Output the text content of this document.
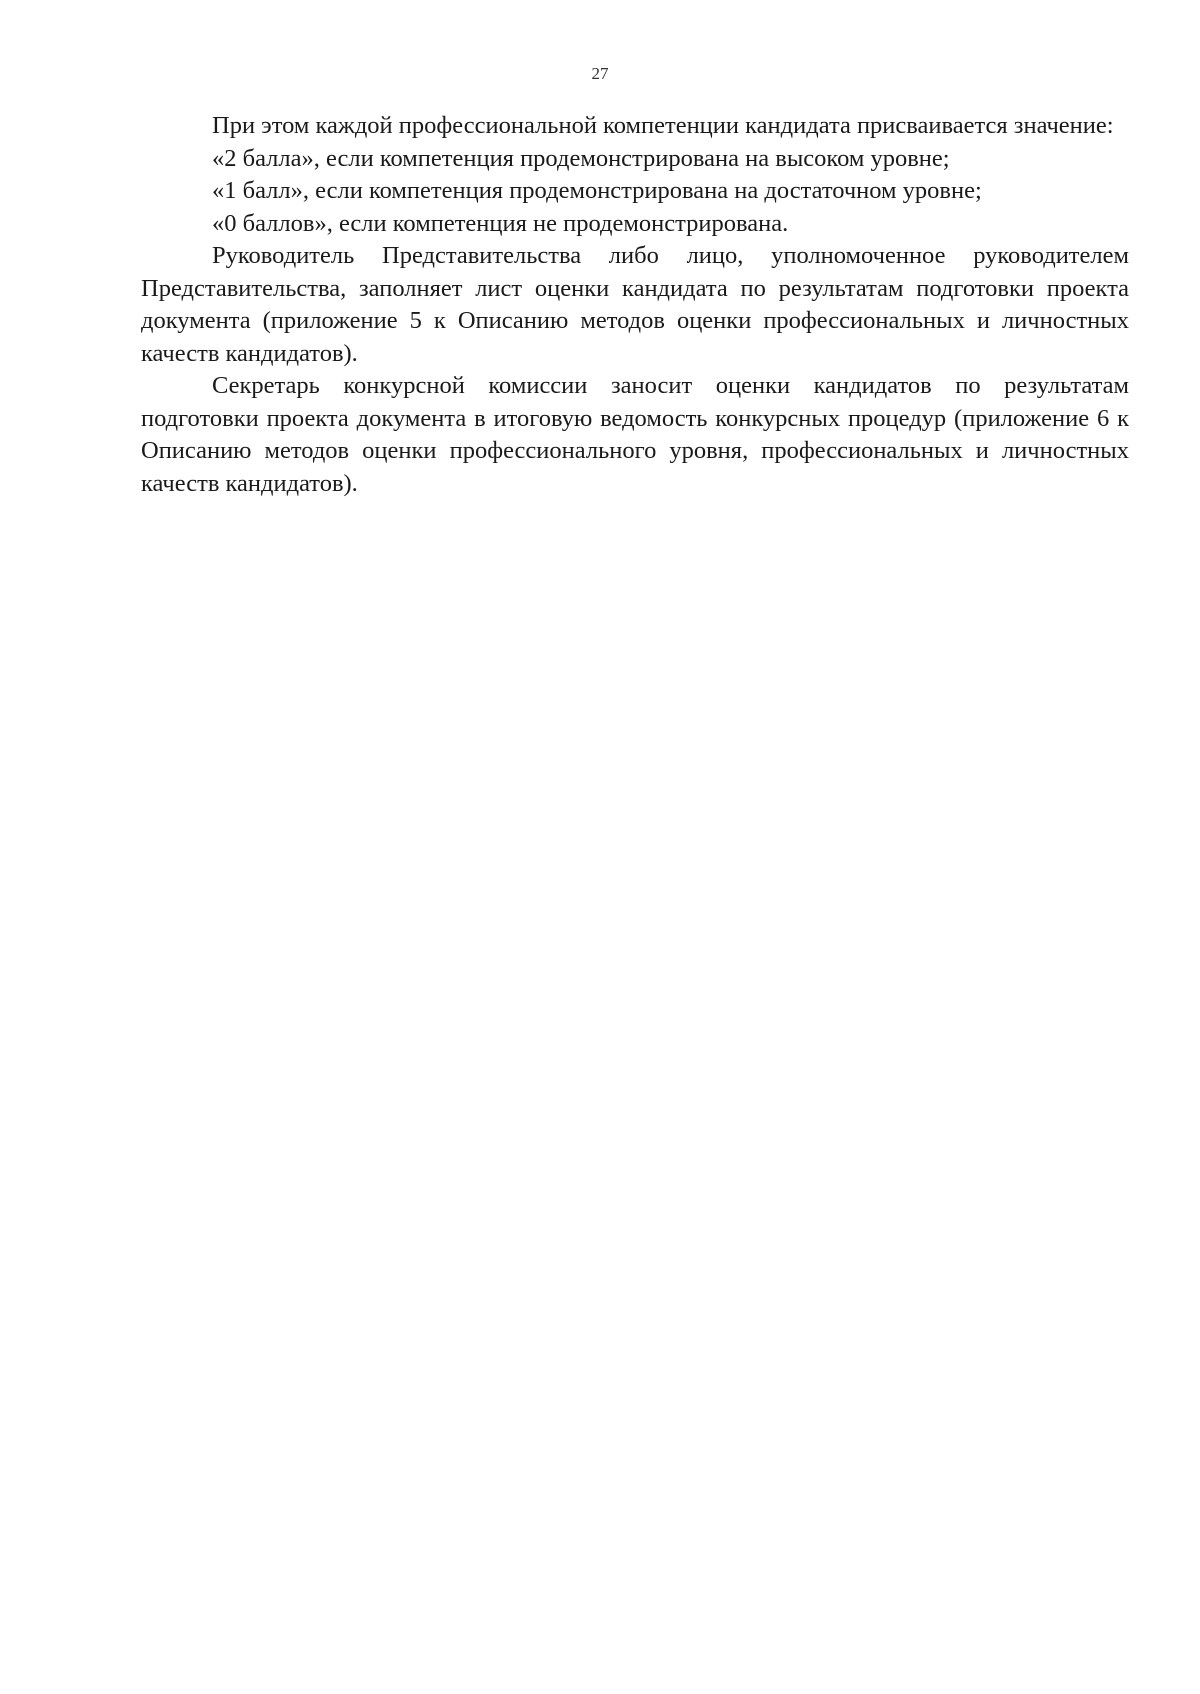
27

При этом каждой профессиональной компетенции кандидата присваивается значение:

«2 балла», если компетенция продемонстрирована на высоком уровне;

«1 балл», если компетенция продемонстрирована на достаточном уровне;

«0 баллов», если компетенция не продемонстрирована.

Руководитель Представительства либо лицо, уполномоченное руководителем Представительства, заполняет лист оценки кандидата по результатам подготовки проекта документа (приложение 5 к Описанию методов оценки профессиональных и личностных качеств кандидатов).

Секретарь конкурсной комиссии заносит оценки кандидатов по результатам подготовки проекта документа в итоговую ведомость конкурсных процедур (приложение 6 к Описанию методов оценки профессионального уровня, профессиональных и личностных качеств кандидатов).
